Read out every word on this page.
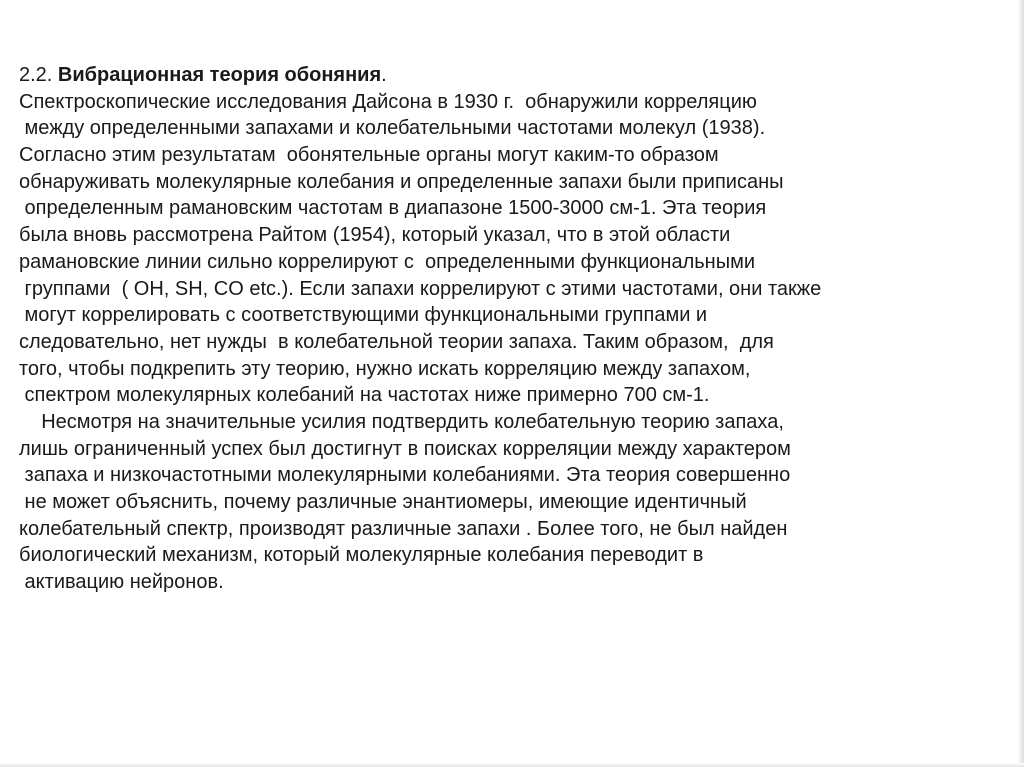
2.2. Вибрационная теория обоняния.
Спектроскопические исследования Дайсона в 1930 г.  обнаружили корреляцию
между определенными запахами и колебательными частотами молекул (1938).
Согласно этим результатам  обонятельные органы могут каким-то образом
обнаруживать молекулярные колебания и определенные запахи были приписаны
определенным рамановским частотам в диапазоне 1500-3000 см-1. Эта теория
была вновь рассмотрена Райтом (1954), который указал, что в этой области
рамановские линии сильно коррелируют с  определенными функциональными
группами  ( OH, SH, CO etc.). Если запахи коррелируют с этими частотами, они также
могут коррелировать с соответствующими функциональными группами и
следовательно, нет нужды  в колебательной теории запаха. Таким образом,  для
того, чтобы подкрепить эту теорию, нужно искать корреляцию между запахом,
спектром молекулярных колебаний на частотах ниже примерно 700 см-1.
Несмотря на значительные усилия подтвердить колебательную теорию запаха,
лишь ограниченный успех был достигнут в поисках корреляции между характером
запаха и низкочастотными молекулярными колебаниями. Эта теория совершенно
не может объяснить, почему различные энантиомеры, имеющие идентичный
колебательный спектр, производят различные запахи . Более того, не был найден
биологический механизм, который молекулярные колебания переводит в
активацию нейронов.
